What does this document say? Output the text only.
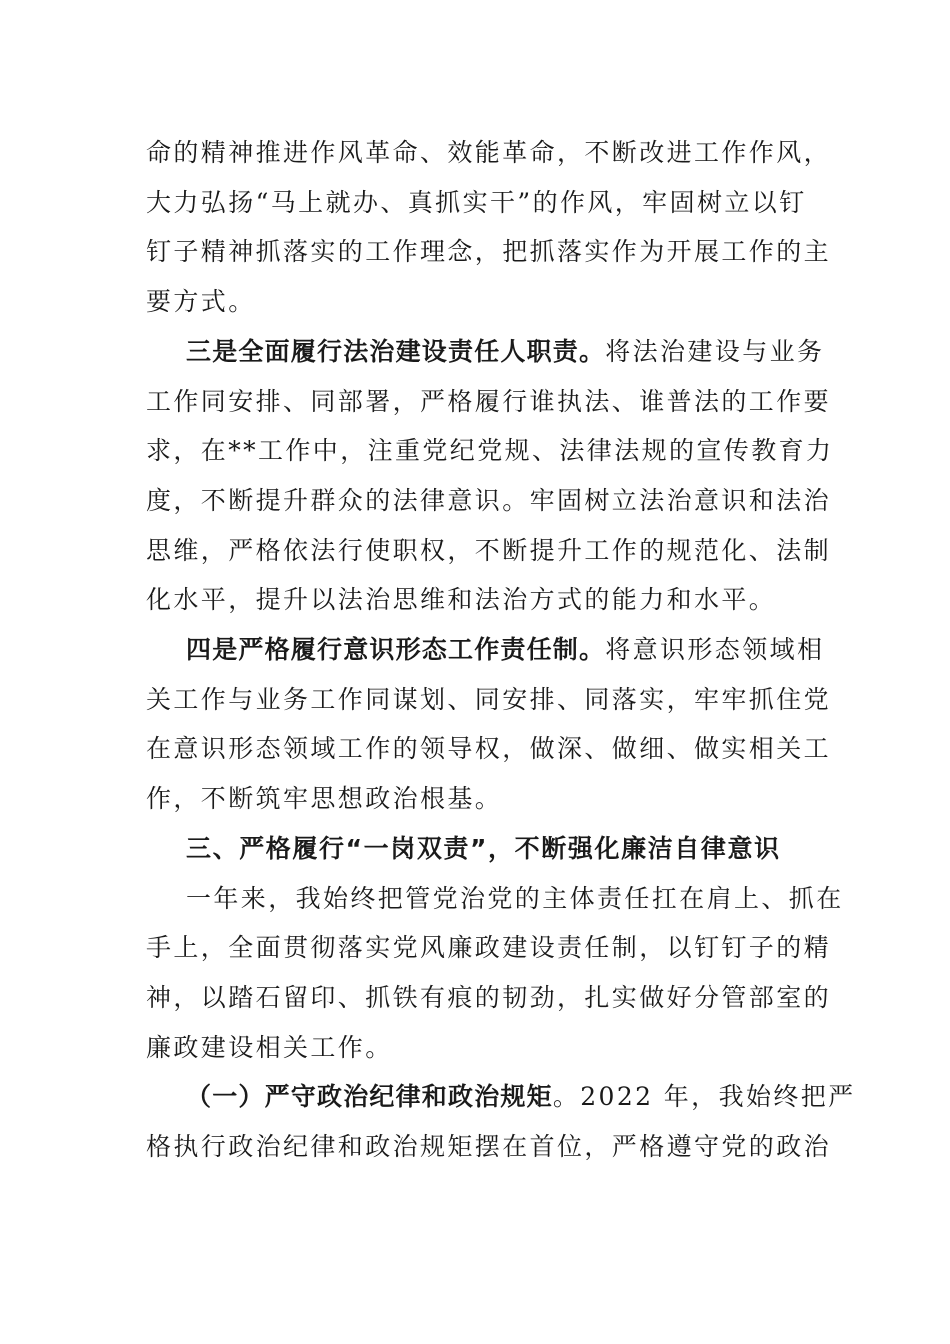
命的精神推进作风革命、效能革命，不断改进工作作风，
大力弘扬“马上就办、真抓实干”的作风，牢固树立以钉
钉子精神抓落实的工作理念，把抓落实作为开展工作的主
要方式。
三是全面履行法治建设责任人职责。将法治建设与业务
工作同安排、同部署，严格履行谁执法、谁普法的工作要
求，在**工作中，注重党纪党规、法律法规的宣传教育力
度，不断提升群众的法律意识。牢固树立法治意识和法治
思维，严格依法行使职权，不断提升工作的规范化、法制
化水平，提升以法治思维和法治方式的能力和水平。
四是严格履行意识形态工作责任制。将意识形态领域相
关工作与业务工作同谋划、同安排、同落实，牢牢抓住党
在意识形态领域工作的领导权，做深、做细、做实相关工
作，不断筑牢思想政治根基。
三、严格履行“一岗双责”，不断强化廉洁自律意识
一年来，我始终把管党治党的主体责任扛在肩上、抓在
手上，全面贯彻落实党风廉政建设责任制，以钉钉子的精
神，以踏石留印、抓铁有痕的韧劲，扎实做好分管部室的
廉政建设相关工作。
（一）严守政治纪律和政治规矩。2022 年，我始终把严
格执行政治纪律和政治规矩摆在首位，严格遵守党的政治
